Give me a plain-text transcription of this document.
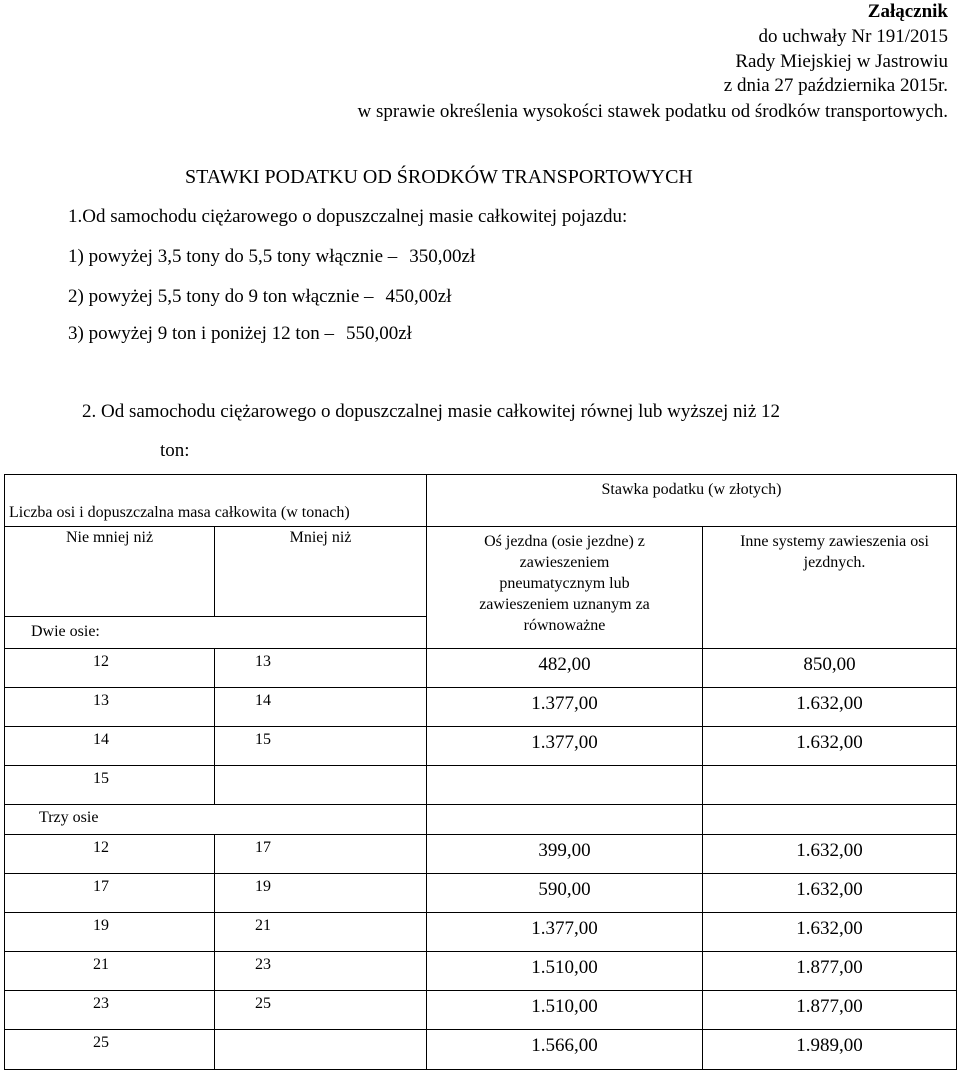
Załącznik
do uchwały Nr 191/2015
Rady Miejskiej w Jastrowiu
z dnia 27 października 2015r.
w sprawie określenia wysokości stawek podatku od środków transportowych.
STAWKI PODATKU OD ŚRODKÓW TRANSPORTOWYCH
1.Od samochodu ciężarowego o dopuszczalnej masie całkowitej pojazdu:
1) powyżej 3,5 tony do 5,5 tony włącznie – 350,00zł
2) powyżej 5,5 tony do 9 ton włącznie – 450,00zł
3) powyżej 9 ton i poniżej 12 ton – 550,00zł
2. Od samochodu ciężarowego o dopuszczalnej masie całkowitej równej lub wyższej niż 12
ton:
Liczba osi i dopuszczalna masa całkowita (w tonach)		Stawka podatku (w złotych)	
Nie mniej niż	Mniej niż	Oś jezdna (osie jezdne) z zawieszeniem pneumatycznym lub zawieszeniem uznanym za równoważne	Inne systemy zawieszenia osi jezdnych.
Dwie osie:			
12	13	482,00	850,00
13	14	1.377,00	1.632,00
14	15	1.377,00	1.632,00
15			
Trzy osie			
12	17	399,00	1.632,00
17	19	590,00	1.632,00
19	21	1.377,00	1.632,00
21	23	1.510,00	1.877,00
23	25	1.510,00	1.877,00
25		1.566,00	1.989,00
